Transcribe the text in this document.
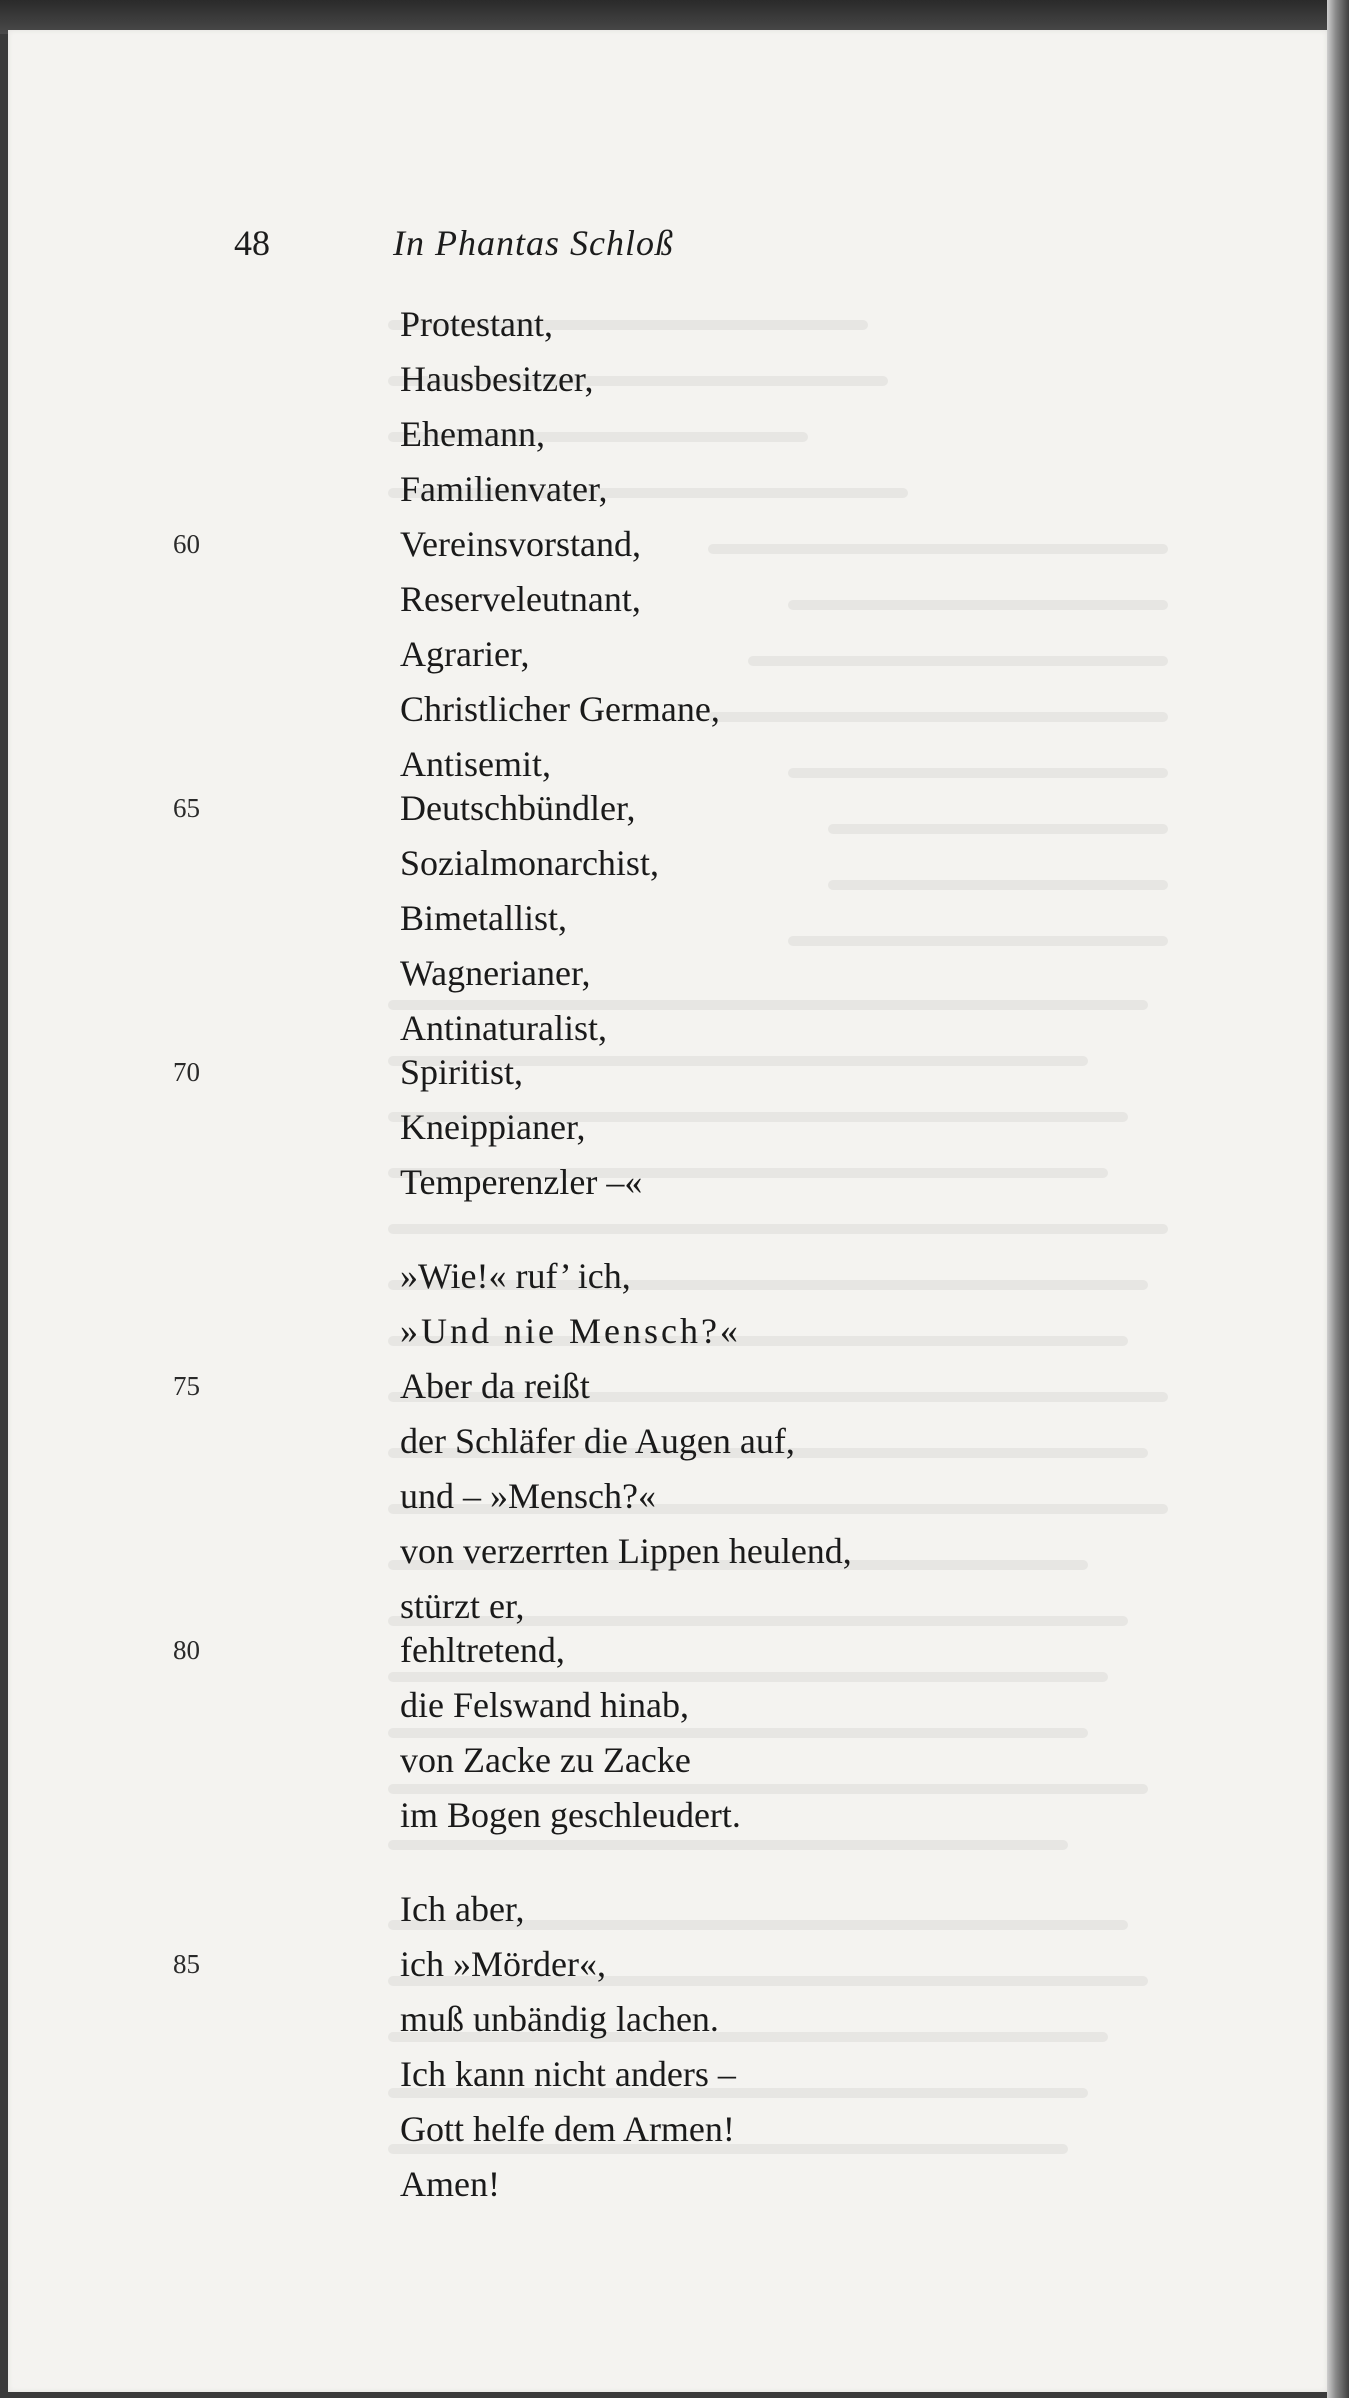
48	In Phantas Schloß
60
65
70
75
80
85
Protestant,
Hausbesitzer,
Ehemann,
Familienvater,
Vereinsvorstand,
Reserveleutnant,
Agrarier,
Christlicher Germane,
Antisemit,
Deutschbündler,
Sozialmonarchist,
Bimetallist,
Wagnerianer,
Antinaturalist,
Spiritist,
Kneippianer,
Temperenzler –«
»Wie!« ruf’ ich,
»Und nie Mensch?«
Aber da reißt
der Schläfer die Augen auf,
und – »Mensch?«
von verzerrten Lippen heulend,
stürzt er,
fehltretend,
die Felswand hinab,
von Zacke zu Zacke
im Bogen geschleudert.
Ich aber,
ich »Mörder«,
muß unbändig lachen.
Ich kann nicht anders –
Gott helfe dem Armen!
Amen!
